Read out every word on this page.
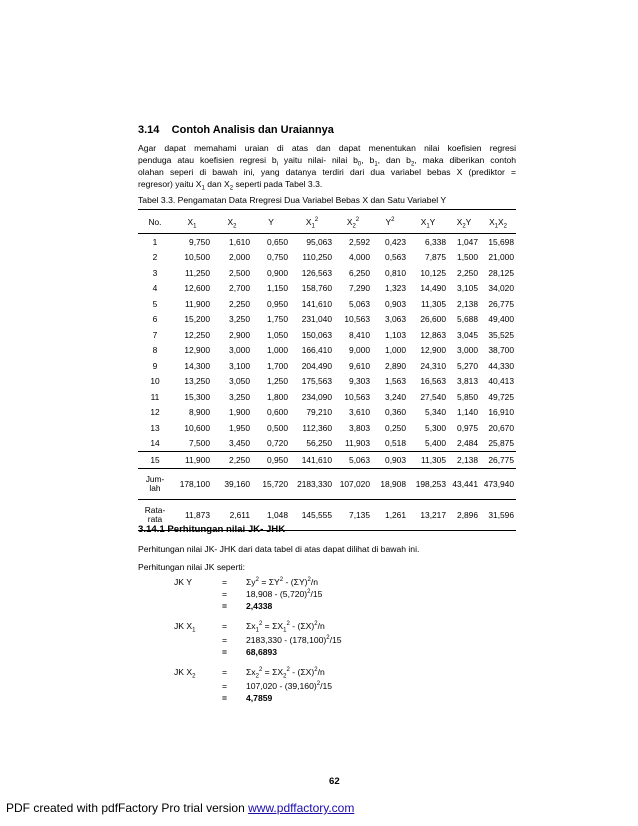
3.14 Contoh Analisis dan Uraiannya
Agar dapat memahami uraian di atas dan dapat menentukan nilai koefisien regresi
penduga atau koefisien regresi $b_i$ yaitu nilai- nilai $b_0$, $b_1$, dan $b_2$, maka diberikan contoh
olahan seperi di bawah ini, yang datanya terdiri dari dua variabel bebas X (prediktor =
regresor) yaitu $X_1$ dan $X_2$ seperti pada Tabel 3.3.
Tabel 3.3. Pengamatan Data Rregresi Dua Variabel Bebas X dan Satu Variabel Y
No.	$X_1$	$X_2$	Y	$X_1^2$	$X_2^2$	$Y^2$	$X_1Y$	$X_2Y$	$X_1X_2$
1	9,750	1,610	0,650	95,063	2,592	0,423	6,338	1,047	15,698
2	10,500	2,000	0,750	110,250	4,000	0,563	7,875	1,500	21,000
3	11,250	2,500	0,900	126,563	6,250	0,810	10,125	2,250	28,125
4	12,600	2,700	1,150	158,760	7,290	1,323	14,490	3,105	34,020
5	11,900	2,250	0,950	141,610	5,063	0,903	11,305	2,138	26,775
6	15,200	3,250	1,750	231,040	10,563	3,063	26,600	5,688	49,400
7	12,250	2,900	1,050	150,063	8,410	1,103	12,863	3,045	35,525
8	12,900	3,000	1,000	166,410	9,000	1,000	12,900	3,000	38,700
9	14,300	3,100	1,700	204,490	9,610	2,890	24,310	5,270	44,330
10	13,250	3,050	1,250	175,563	9,303	1,563	16,563	3,813	40,413
11	15,300	3,250	1,800	234,090	10,563	3,240	27,540	5,850	49,725
12	8,900	1,900	0,600	79,210	3,610	0,360	5,340	1,140	16,910
13	10,600	1,950	0,500	112,360	3,803	0,250	5,300	0,975	20,670
14	7,500	3,450	0,720	56,250	11,903	0,518	5,400	2,484	25,875
15	11,900	2,250	0,950	141,610	5,063	0,903	11,305	2,138	26,775

Jum-
lah	178,100	39,160	15,720	2183,330	107,020	18,908	198,253	43,441	473,940

Rata-
rata	11,873	2,611	1,048	145,555	7,135	1,261	13,217	2,896	31,596
3.14.1 Perhitungan nilai JK- JHK
Perhitungan nilai JK- JHK dari data tabel di atas dapat dilihat di bawah ini.
Perhitungan nilai JK seperti:
JK Y	= $\Sigma y^2 = \Sigma Y^2 - (\Sigma Y)^2/n$
= $18,908 - (5,720)^2/15$
= 2,4338
JK $X_1$	= $\Sigma x_1^2 = \Sigma X_1^2 - (\Sigma X)^2/n$
= $2183,330 - (178,100)^2/15$
= 68,6893
JK $X_2$	= $\Sigma x_2^2 = \Sigma X_2^2 - (\Sigma X)^2/n$
= $107,020 - (39,160)^2/15$
= 4,7859
62
PDF created with pdfFactory Pro trial version www.pdffactory.com
